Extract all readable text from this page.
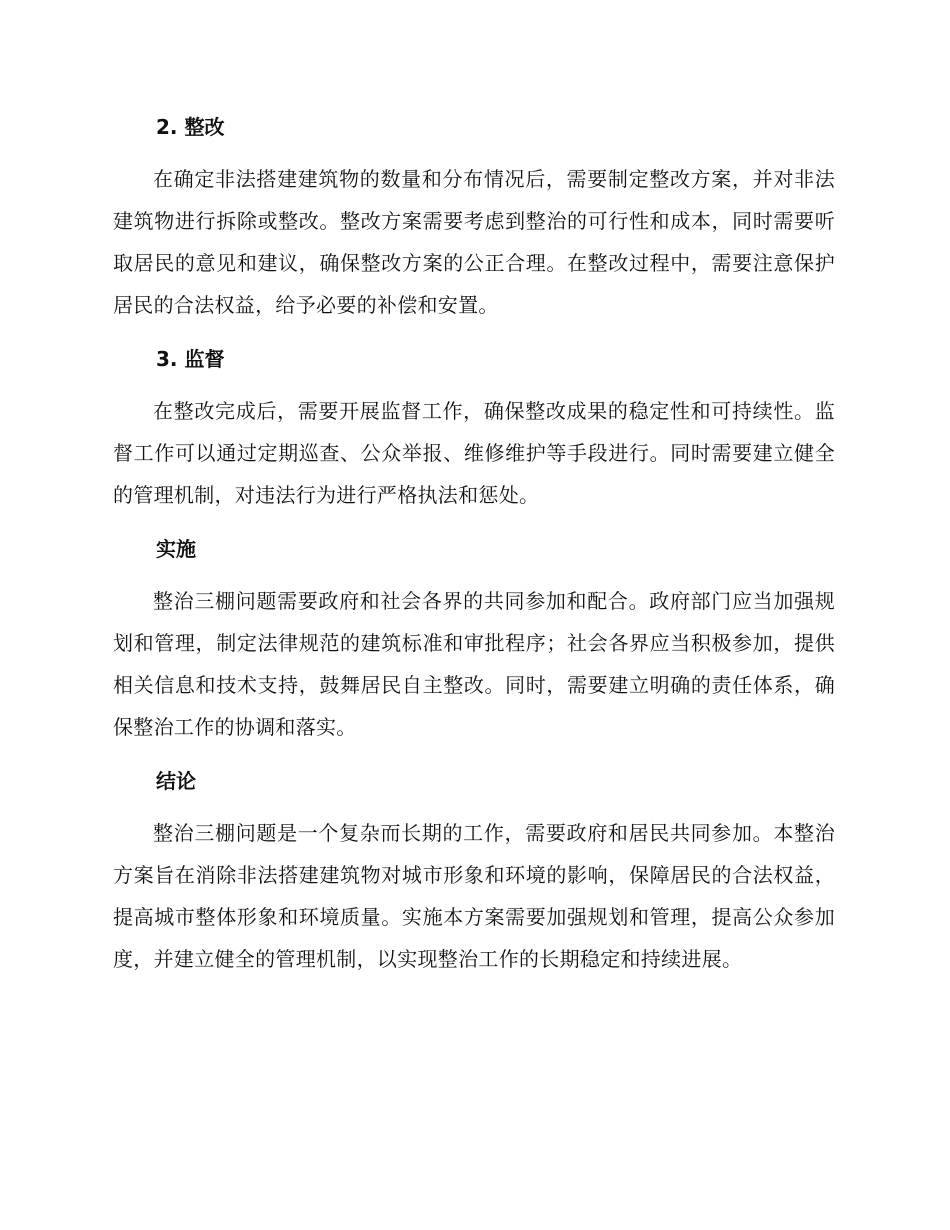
2. 整改

在确定非法搭建建筑物的数量和分布情况后，需要制定整改方案，并对非法建筑物进行拆除或整改。整改方案需要考虑到整治的可行性和成本，同时需要听取居民的意见和建议，确保整改方案的公正合理。在整改过程中，需要注意保护居民的合法权益，给予必要的补偿和安置。

3. 监督

在整改完成后，需要开展监督工作，确保整改成果的稳定性和可持续性。监督工作可以通过定期巡查、公众举报、维修维护等手段进行。同时需要建立健全的管理机制，对违法行为进行严格执法和惩处。

实施

整治三棚问题需要政府和社会各界的共同参加和配合。政府部门应当加强规划和管理，制定法律规范的建筑标准和审批程序；社会各界应当积极参加，提供相关信息和技术支持，鼓舞居民自主整改。同时，需要建立明确的责任体系，确保整治工作的协调和落实。

结论

整治三棚问题是一个复杂而长期的工作，需要政府和居民共同参加。本整治方案旨在消除非法搭建建筑物对城市形象和环境的影响，保障居民的合法权益，提高城市整体形象和环境质量。实施本方案需要加强规划和管理，提高公众参加度，并建立健全的管理机制，以实现整治工作的长期稳定和持续进展。
